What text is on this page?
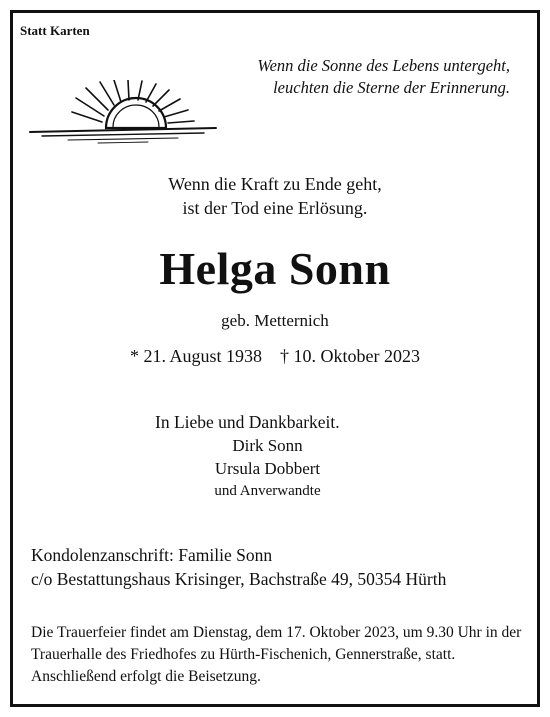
Statt Karten
Wenn die Sonne des Lebens untergeht,
leuchten die Sterne der Erinnerung.
Wenn die Kraft zu Ende geht,
ist der Tod eine Erlösung.
Helga Sonn
geb. Metternich
* 21. August 1938 † 10. Oktober 2023
In Liebe und Dankbarkeit.
Dirk Sonn
Ursula Dobbert
und Anverwandte
Kondolenzanschrift: Familie Sonn
c/o Bestattungshaus Krisinger, Bachstraße 49, 50354 Hürth
Die Trauerfeier findet am Dienstag, dem 17. Oktober 2023, um 9.30 Uhr in der Trauerhalle des Friedhofes zu Hürth-Fischenich, Gennerstraße, statt. Anschließend erfolgt die Beisetzung.
